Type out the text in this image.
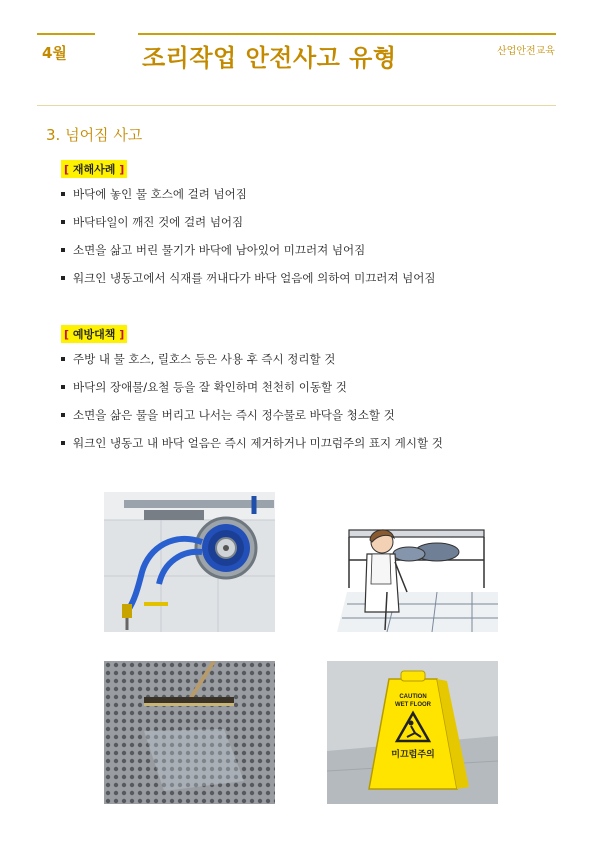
4월	조리작업 안전사고 유형	산업안전교육
3. 넘어짐 사고
[ 재해사례 ]
바닥에 놓인 물 호스에 걸려 넘어짐
바닥타일이 깨진 것에 걸려 넘어짐
소면을 삶고 버린 물기가 바닥에 남아있어 미끄러져 넘어짐
워크인 냉동고에서 식재를 꺼내다가 바닥 얼음에 의하여 미끄러져 넘어짐
[ 예방대책 ]
주방 내 물 호스, 릴호스 등은 사용 후 즉시 정리할 것
바닥의 장애물/요철 등을 잘 확인하며 천천히 이동할 것
소면을 삶은 물을 버리고 나서는 즉시 정수물로 바닥을 청소할 것
워크인 냉동고 내 바닥 얼음은 즉시 제거하거나 미끄럼주의 표지 게시할 것
CAUTION
WET FLOOR
미끄럼주의
